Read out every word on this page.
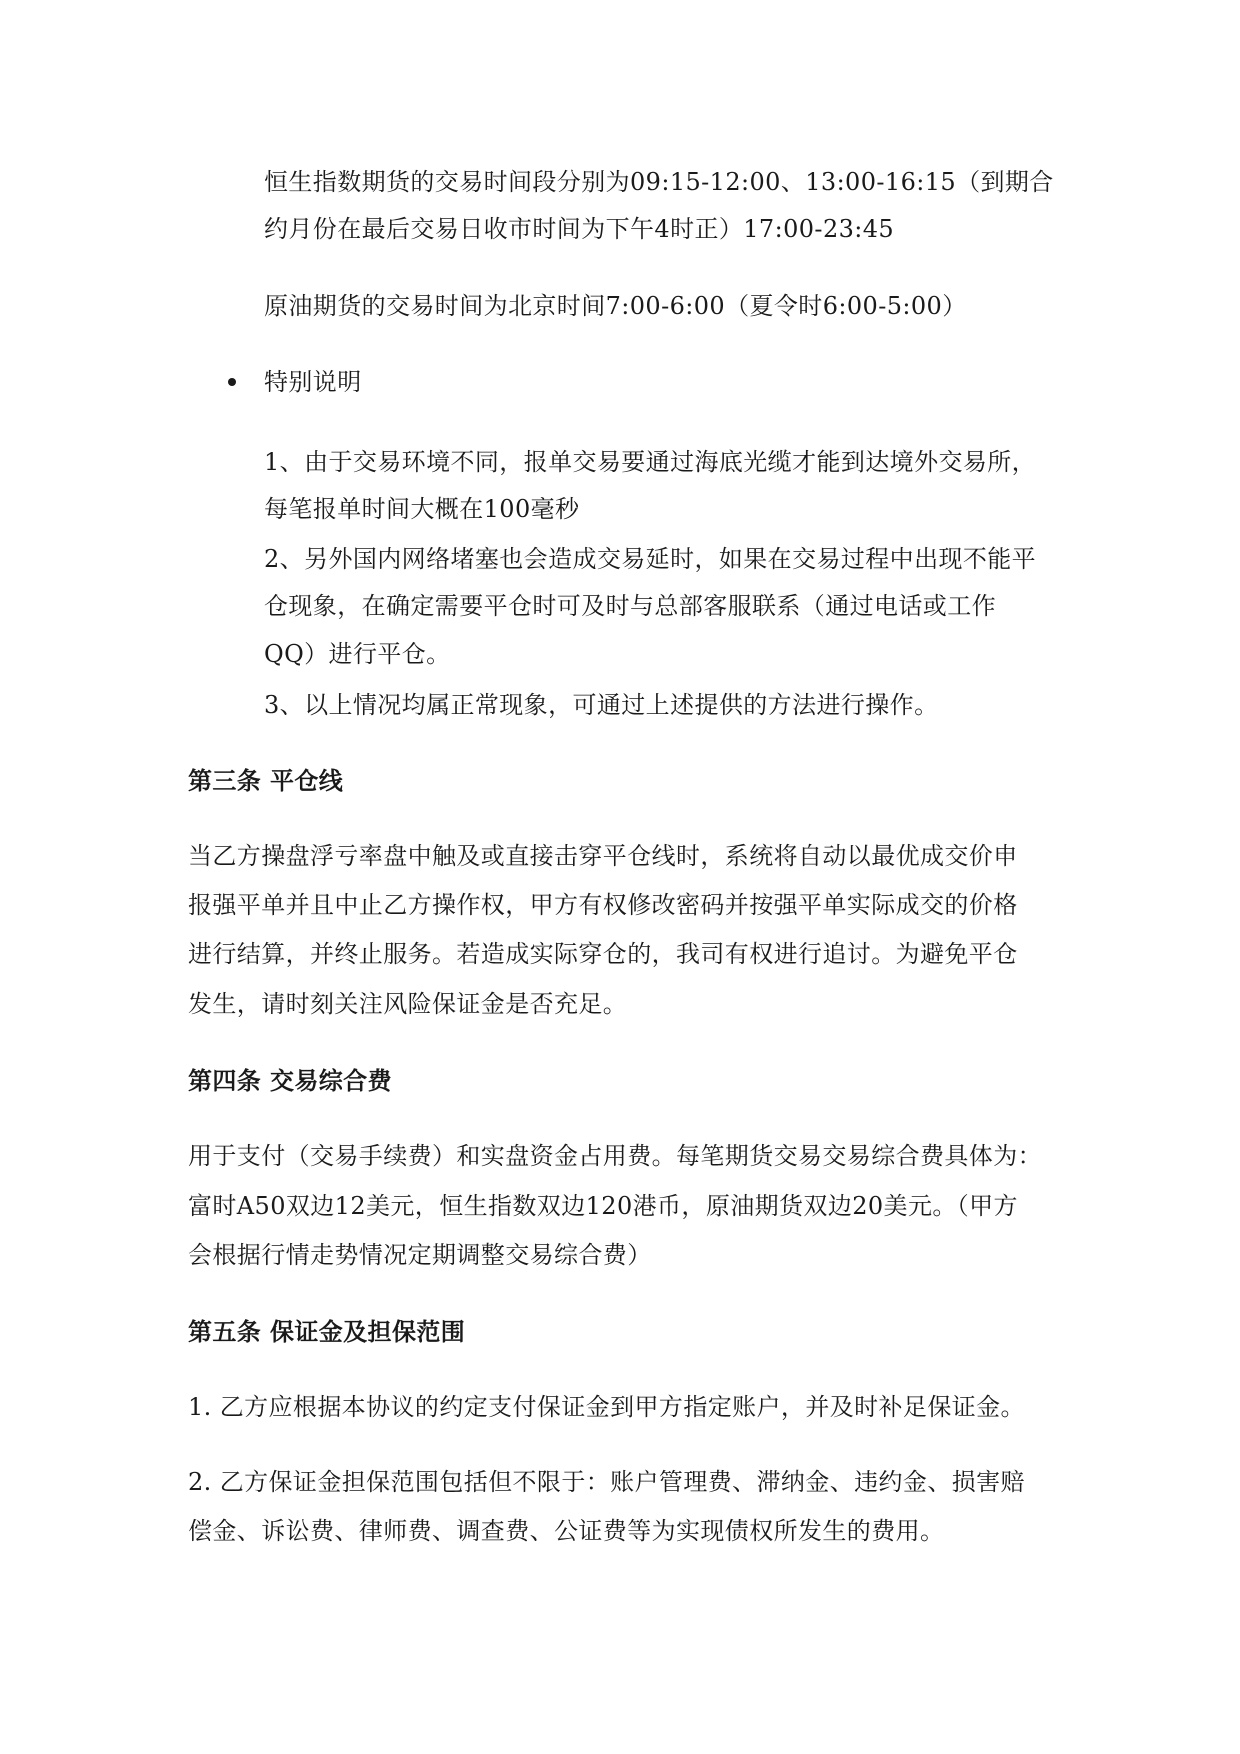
恒生指数期货的交易时间段分别为09:15-12:00、13:00-16:15（到期合
约月份在最后交易日收市时间为下午4时正）17:00-23:45
原油期货的交易时间为北京时间7:00-6:00（夏令时6:00-5:00）
特别说明
1、由于交易环境不同，报单交易要通过海底光缆才能到达境外交易所，
每笔报单时间大概在100毫秒
2、另外国内网络堵塞也会造成交易延时，如果在交易过程中出现不能平
仓现象，在确定需要平仓时可及时与总部客服联系（通过电话或工作
QQ）进行平仓。
3、以上情况均属正常现象，可通过上述提供的方法进行操作。
第三条 平仓线
当乙方操盘浮亏率盘中触及或直接击穿平仓线时，系统将自动以最优成交价申
报强平单并且中止乙方操作权，甲方有权修改密码并按强平单实际成交的价格
进行结算，并终止服务。若造成实际穿仓的，我司有权进行追讨。为避免平仓
发生，请时刻关注风险保证金是否充足。
第四条 交易综合费
用于支付（交易手续费）和实盘资金占用费。每笔期货交易交易综合费具体为：
富时A50双边12美元，恒生指数双边120港币，原油期货双边20美元。（甲方
会根据行情走势情况定期调整交易综合费）
第五条 保证金及担保范围
1. 乙方应根据本协议的约定支付保证金到甲方指定账户，并及时补足保证金。
2. 乙方保证金担保范围包括但不限于：账户管理费、滞纳金、违约金、损害赔
偿金、诉讼费、律师费、调查费、公证费等为实现债权所发生的费用。
